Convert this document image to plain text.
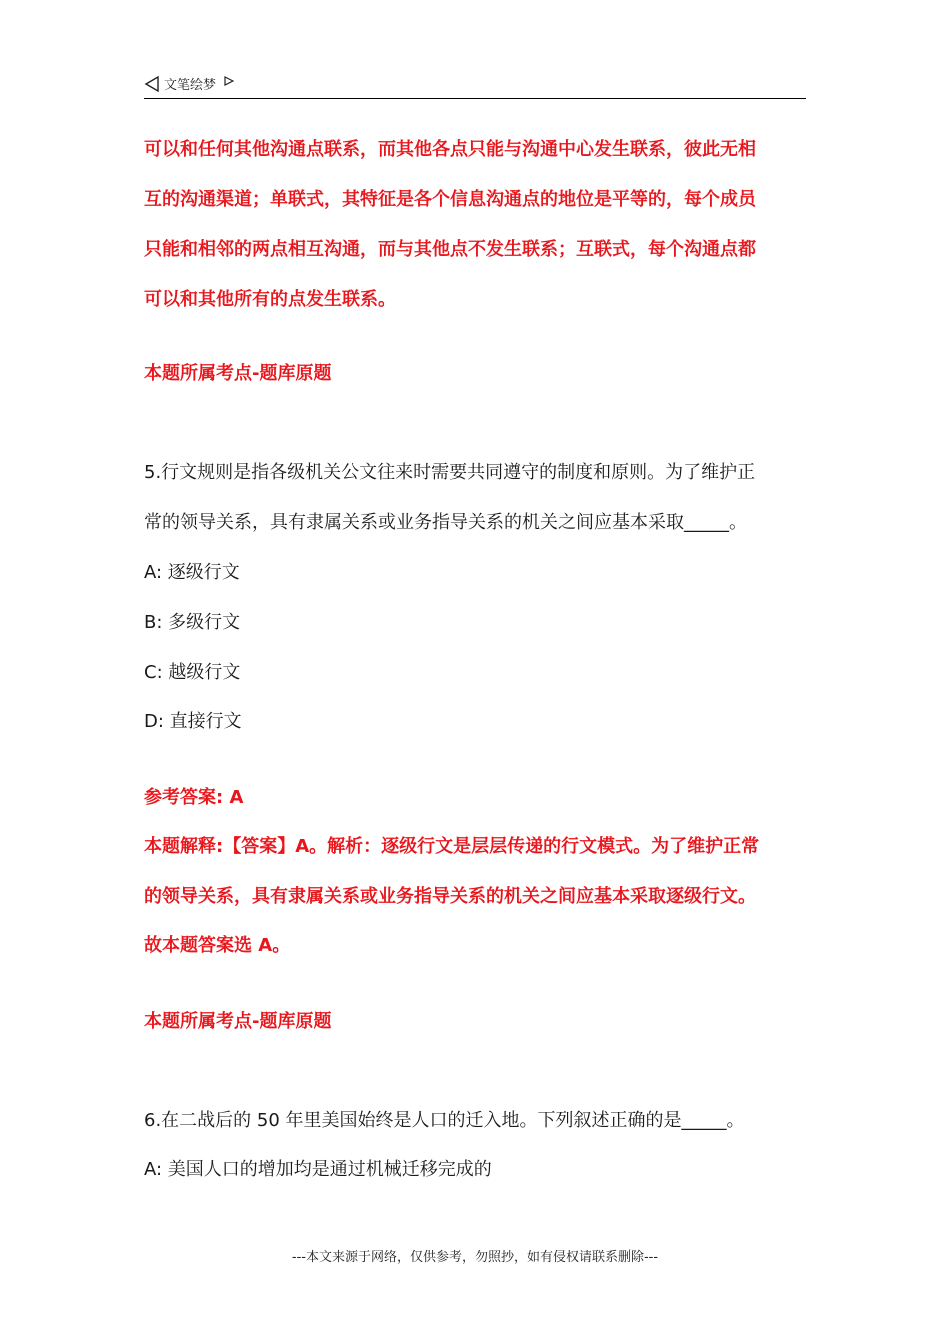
文笔绘梦
可以和任何其他沟通点联系，而其他各点只能与沟通中心发生联系，彼此无相
互的沟通渠道；单联式，其特征是各个信息沟通点的地位是平等的，每个成员
只能和相邻的两点相互沟通，而与其他点不发生联系；互联式，每个沟通点都
可以和其他所有的点发生联系。
本题所属考点-题库原题
5.行文规则是指各级机关公文往来时需要共同遵守的制度和原则。为了维护正
常的领导关系，具有隶属关系或业务指导关系的机关之间应基本采取_____。
A: 逐级行文
B: 多级行文
C: 越级行文
D: 直接行文
参考答案: A
本题解释:【答案】A。解析：逐级行文是层层传递的行文模式。为了维护正常
的领导关系，具有隶属关系或业务指导关系的机关之间应基本采取逐级行文。
故本题答案选 A。
本题所属考点-题库原题
6.在二战后的 50 年里美国始终是人口的迁入地。下列叙述正确的是_____。
A: 美国人口的增加均是通过机械迁移完成的
---本文来源于网络，仅供参考，勿照抄，如有侵权请联系删除---
